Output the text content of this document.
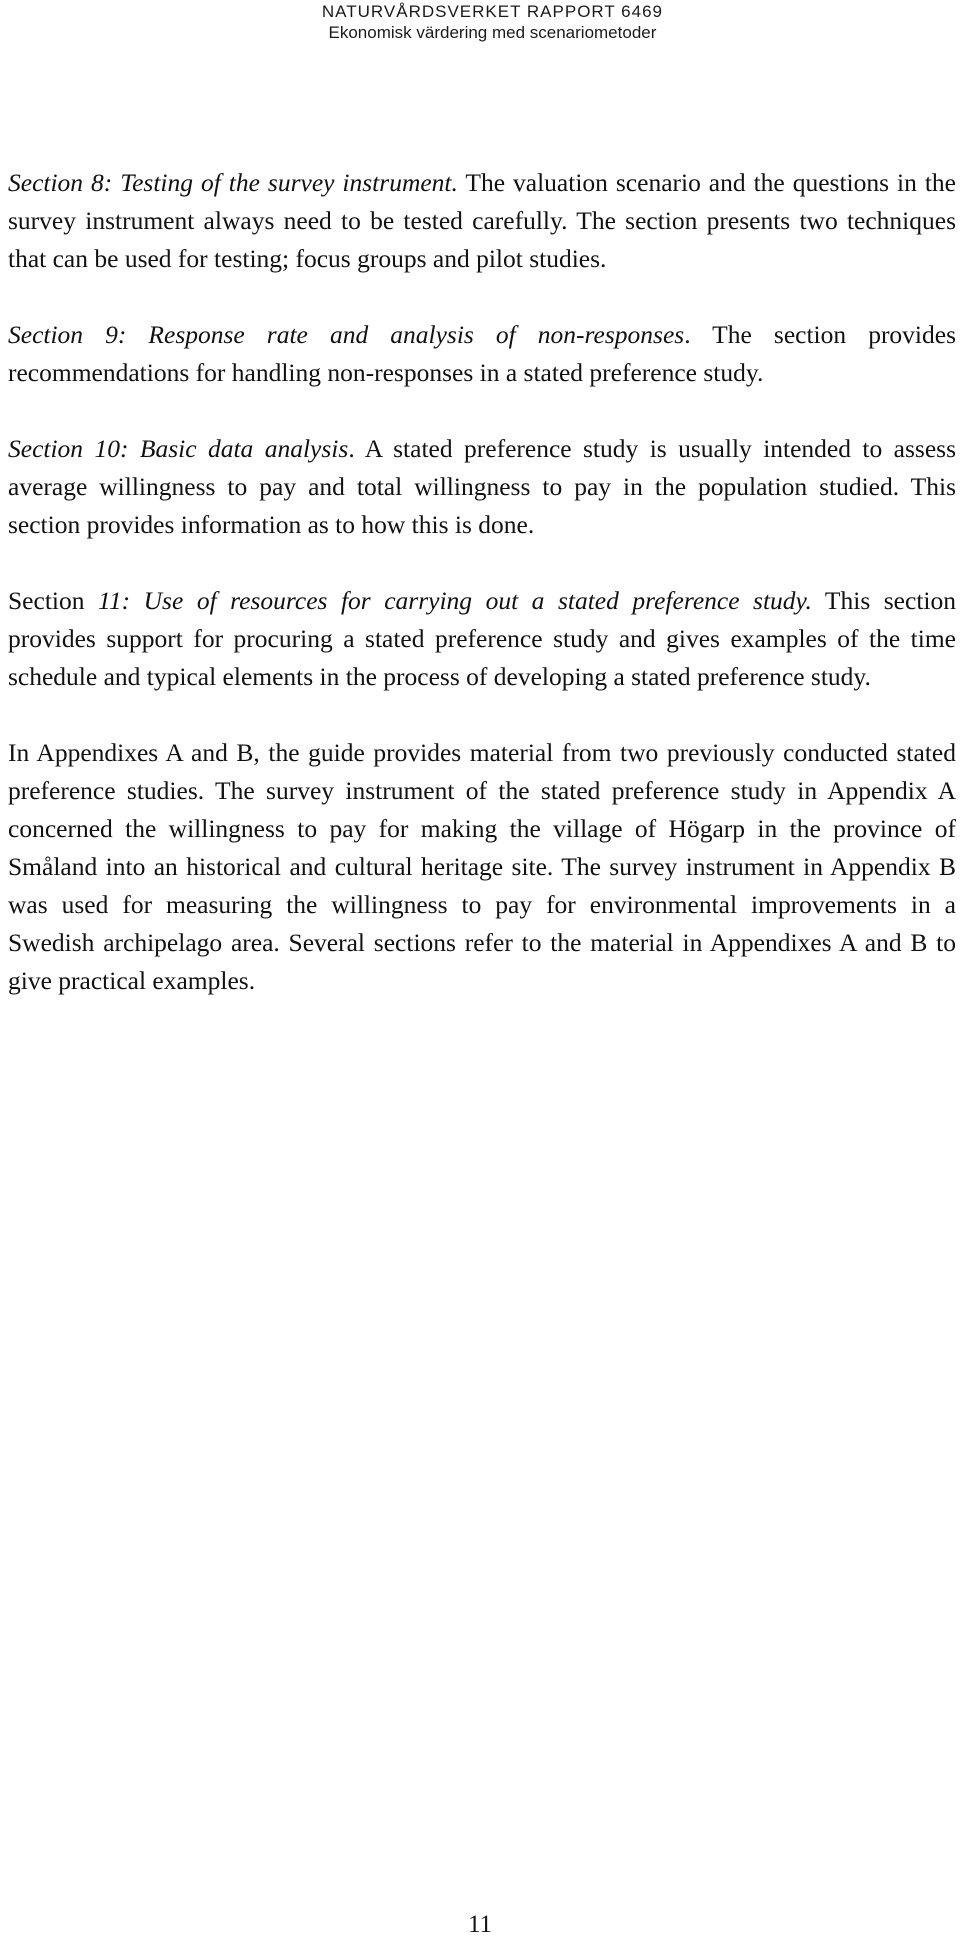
NATURVÅRDSVERKET RAPPORT 6469
Ekonomisk värdering med scenariometoder

Section 8: Testing of the survey instrument. The valuation scenario and the questions in the survey instrument always need to be tested carefully. The section presents two techniques that can be used for testing; focus groups and pilot studies.

Section 9: Response rate and analysis of non-responses. The section provides recommendations for handling non-responses in a stated preference study.

Section 10: Basic data analysis. A stated preference study is usually intended to assess average willingness to pay and total willingness to pay in the population studied. This section provides information as to how this is done.

Section 11: Use of resources for carrying out a stated preference study. This section provides support for procuring a stated preference study and gives examples of the time schedule and typical elements in the process of developing a stated preference study.

In Appendixes A and B, the guide provides material from two previously conducted stated preference studies. The survey instrument of the stated preference study in Appendix A concerned the willingness to pay for making the village of Högarp in the province of Småland into an historical and cultural heritage site. The survey instrument in Appendix B was used for measuring the willingness to pay for environmental improvements in a Swedish archipelago area. Several sections refer to the material in Appendixes A and B to give practical examples.

11
